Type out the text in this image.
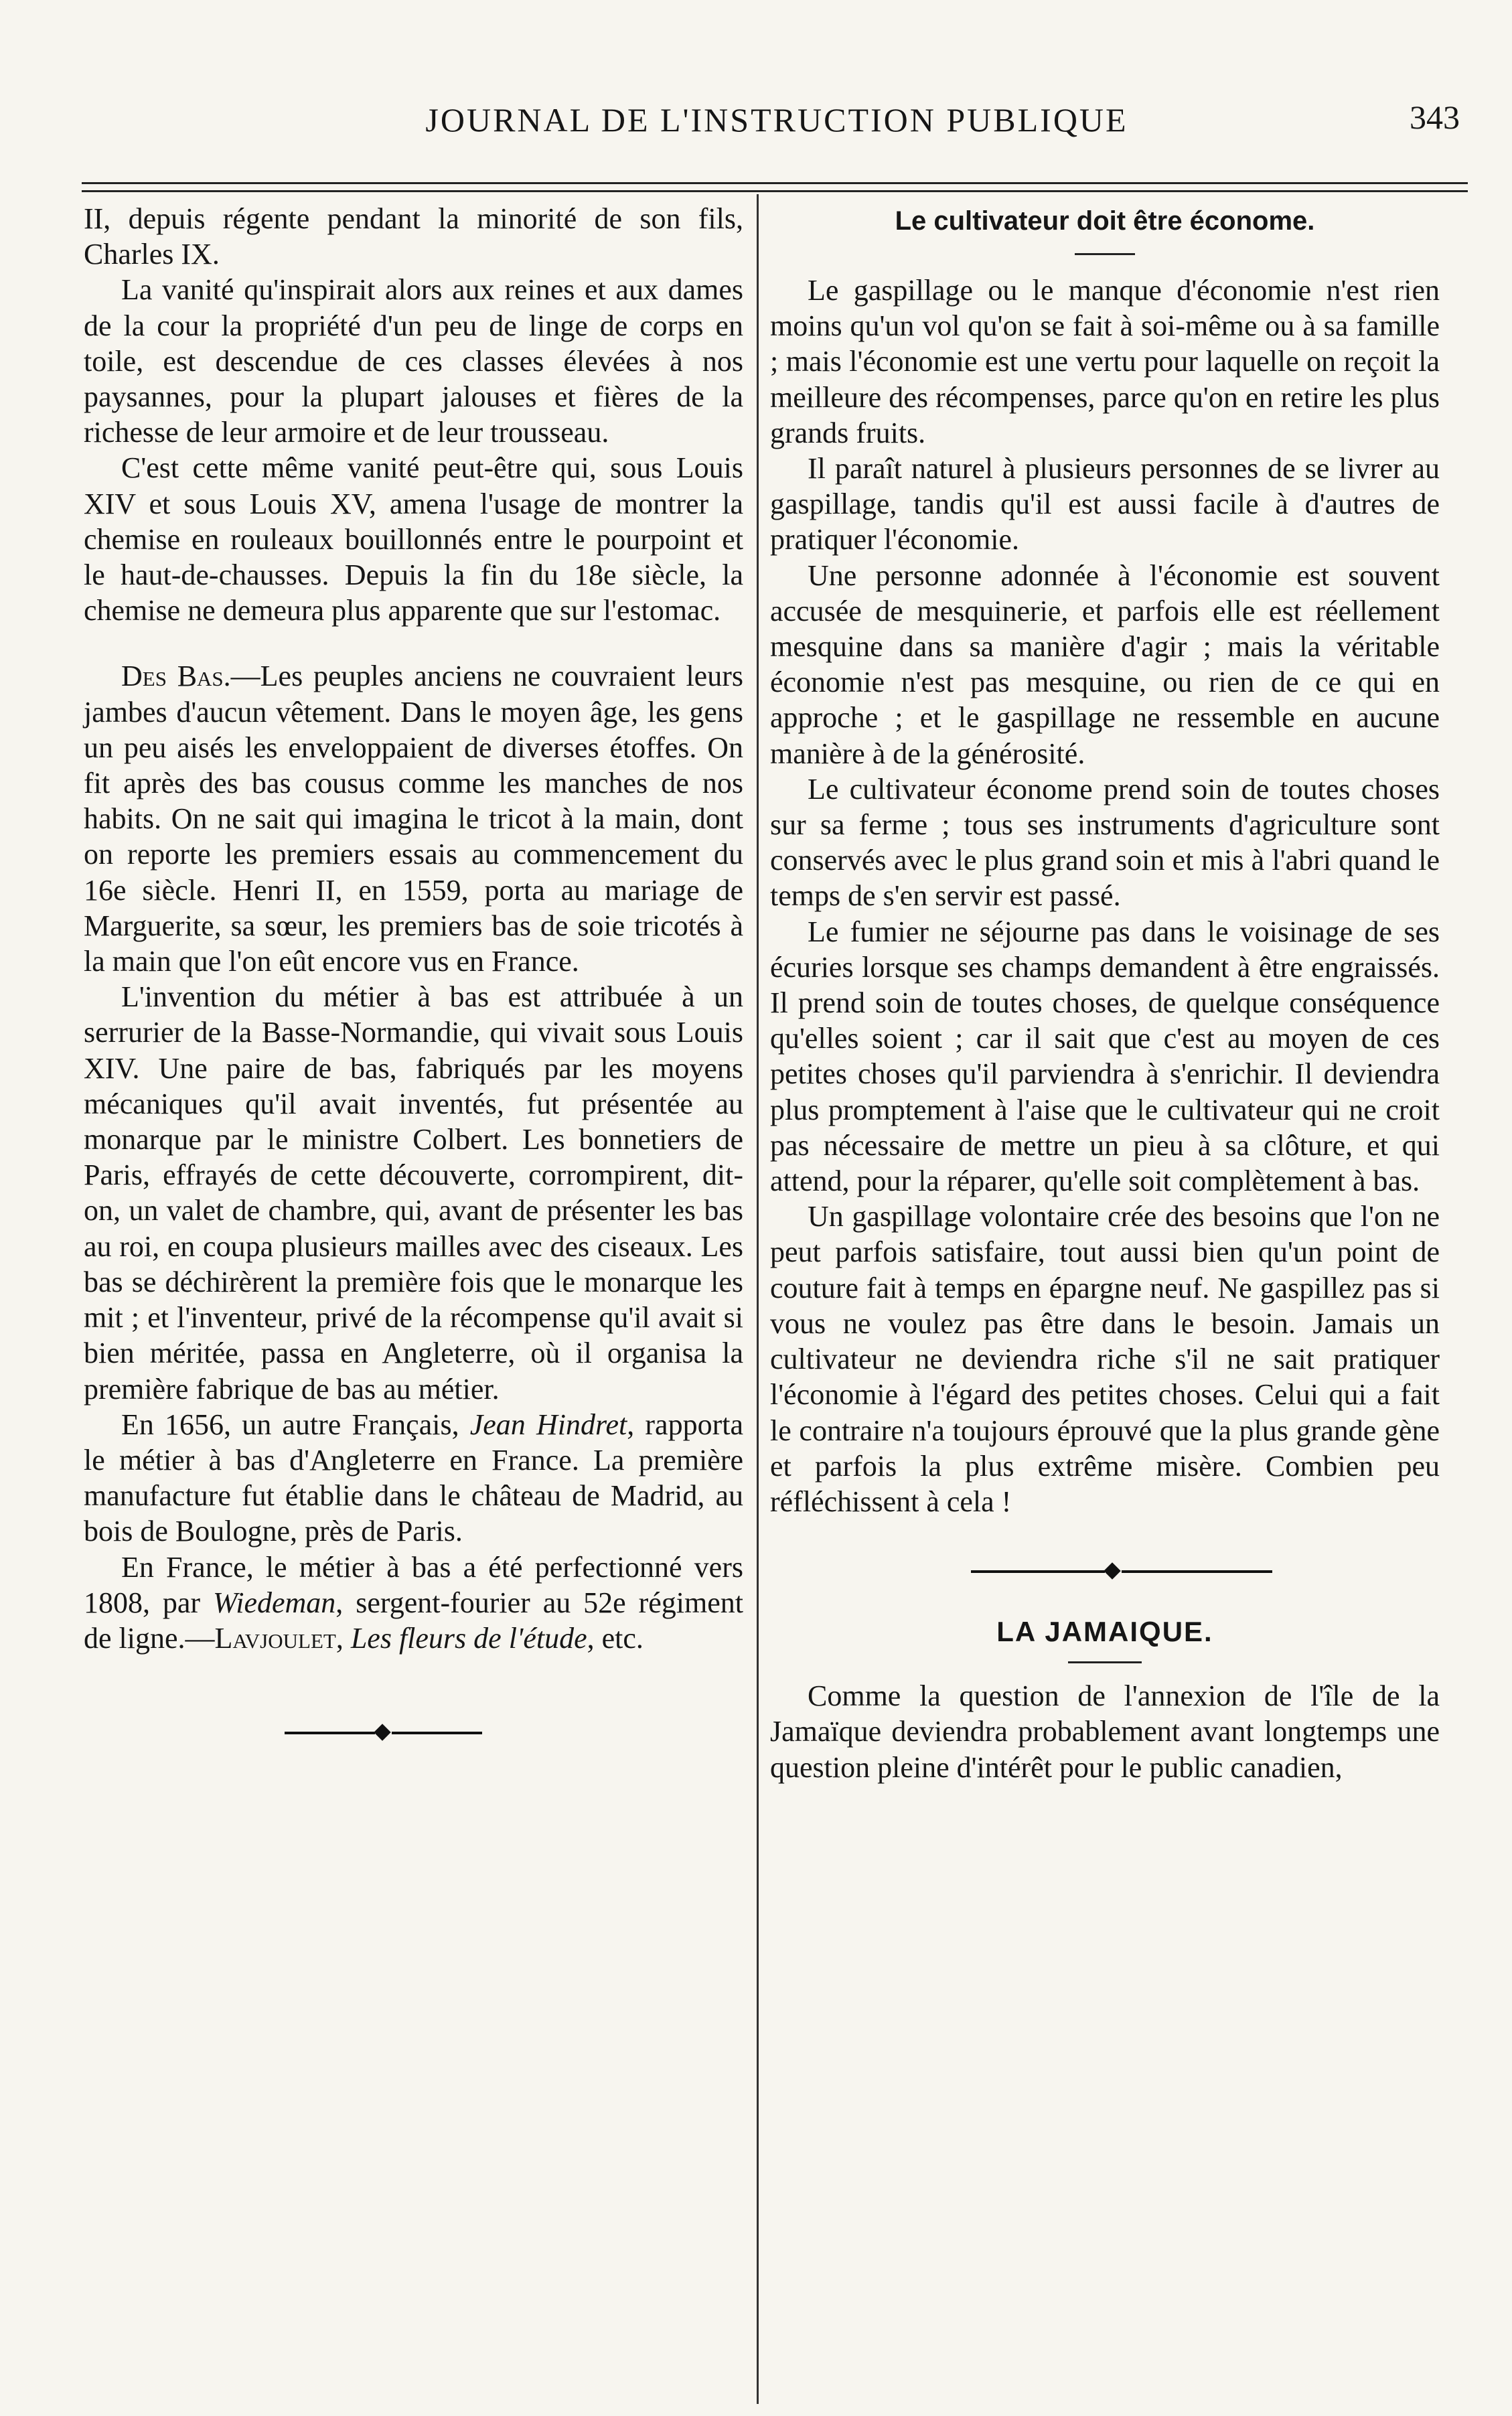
JOURNAL DE L'INSTRUCTION PUBLIQUE	343

II, depuis régente pendant la minorité de son fils, Charles IX.

La vanité qu'inspirait alors aux reines et aux dames de la cour la propriété d'un peu de linge de corps en toile, est descendue de ces classes élevées à nos paysannes, pour la plupart jalouses et fières de la richesse de leur armoire et de leur trousseau.

C'est cette même vanité peut-être qui, sous Louis XIV et sous Louis XV, amena l'usage de montrer la chemise en rouleaux bouillonnés entre le pourpoint et le haut-de-chausses. Depuis la fin du 18e siècle, la chemise ne demeura plus apparente que sur l'estomac.

Des Bas.—Les peuples anciens ne couvraient leurs jambes d'aucun vêtement. Dans le moyen âge, les gens un peu aisés les enveloppaient de diverses étoffes. On fit après des bas cousus comme les manches de nos habits. On ne sait qui imagina le tricot à la main, dont on reporte les premiers essais au commencement du 16e siècle. Henri II, en 1559, porta au mariage de Marguerite, sa sœur, les premiers bas de soie tricotés à la main que l'on eût encore vus en France.

L'invention du métier à bas est attribuée à un serrurier de la Basse-Normandie, qui vivait sous Louis XIV. Une paire de bas, fabriqués par les moyens mécaniques qu'il avait inventés, fut présentée au monarque par le ministre Colbert. Les bonnetiers de Paris, effrayés de cette découverte, corrompirent, dit-on, un valet de chambre, qui, avant de présenter les bas au roi, en coupa plusieurs mailles avec des ciseaux. Les bas se déchirèrent la première fois que le monarque les mit ; et l'inventeur, privé de la récompense qu'il avait si bien méritée, passa en Angleterre, où il organisa la première fabrique de bas au métier.

En 1656, un autre Français, Jean Hindret, rapporta le métier à bas d'Angleterre en France. La première manufacture fut établie dans le château de Madrid, au bois de Boulogne, près de Paris.

En France, le métier à bas a été perfectionné vers 1808, par Wiedeman, sergent-fourier au 52e régiment de ligne.—Lavjoulet, Les fleurs de l'étude, etc.

Le cultivateur doit être économe.

Le gaspillage ou le manque d'économie n'est rien moins qu'un vol qu'on se fait à soi-même ou à sa famille ; mais l'économie est une vertu pour laquelle on reçoit la meilleure des récompenses, parce qu'on en retire les plus grands fruits.

Il paraît naturel à plusieurs personnes de se livrer au gaspillage, tandis qu'il est aussi facile à d'autres de pratiquer l'économie.

Une personne adonnée à l'économie est souvent accusée de mesquinerie, et parfois elle est réellement mesquine dans sa manière d'agir ; mais la véritable économie n'est pas mesquine, ou rien de ce qui en approche ; et le gaspillage ne ressemble en aucune manière à de la générosité.

Le cultivateur économe prend soin de toutes choses sur sa ferme ; tous ses instruments d'agriculture sont conservés avec le plus grand soin et mis à l'abri quand le temps de s'en servir est passé.

Le fumier ne séjourne pas dans le voisinage de ses écuries lorsque ses champs demandent à être engraissés. Il prend soin de toutes choses, de quelque conséquence qu'elles soient ; car il sait que c'est au moyen de ces petites choses qu'il parviendra à s'enrichir. Il deviendra plus promptement à l'aise que le cultivateur qui ne croit pas nécessaire de mettre un pieu à sa clôture, et qui attend, pour la réparer, qu'elle soit complètement à bas.

Un gaspillage volontaire crée des besoins que l'on ne peut parfois satisfaire, tout aussi bien qu'un point de couture fait à temps en épargne neuf. Ne gaspillez pas si vous ne voulez pas être dans le besoin. Jamais un cultivateur ne deviendra riche s'il ne sait pratiquer l'économie à l'égard des petites choses. Celui qui a fait le contraire n'a toujours éprouvé que la plus grande gène et parfois la plus extrême misère. Combien peu réfléchissent à cela !

LA JAMAIQUE.

Comme la question de l'annexion de l'île de la Jamaïque deviendra probablement avant longtemps une question pleine d'intérêt pour le public canadien,
